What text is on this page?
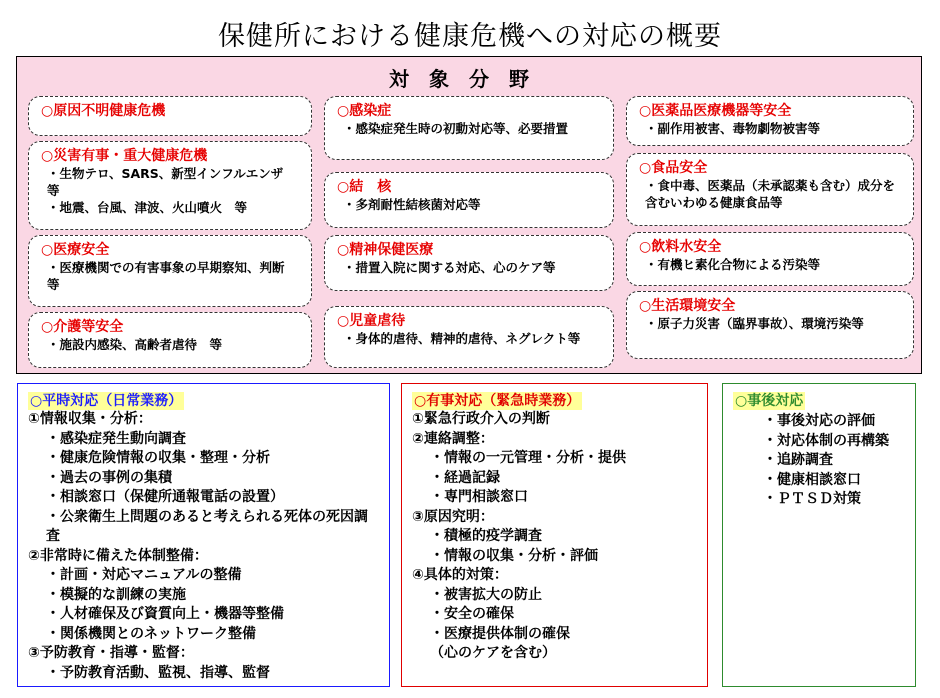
保健所における健康危機への対応の概要
対象分野
○平時対応（日常業務）
①情報収集・分析：
・感染症発生動向調査
・健康危険情報の収集・整理・分析
・過去の事例の集積
・相談窓口（保健所通報電話の設置）
・公衆衛生上問題のあると考えられる死体の死因調査
②非常時に備えた体制整備：
・計画・対応マニュアルの整備
・模擬的な訓練の実施
・人材確保及び資質向上・機器等整備
・関係機関とのネットワーク整備
③予防教育・指導・監督：
・予防教育活動、監視、指導、監督
○有事対応（緊急時業務）
①緊急行政介入の判断
②連絡調整：
・情報の一元管理・分析・提供
・経過記録
・専門相談窓口
③原因究明：
・積極的疫学調査
・情報の収集・分析・評価
④具体的対策：
・被害拡大の防止
・安全の確保
・医療提供体制の確保
（心のケアを含む）
○事後対応
・事後対応の評価
・対応体制の再構築
・追跡調査
・健康相談窓口
・ＰＴＳＤ対策
○原因不明健康危機
○災害有事・重大健康危機
・生物テロ、SARS、新型インフルエンザ　等
・地震、台風、津波、火山噴火　等
○医療安全
・医療機関での有害事象の早期察知、判断　等
○介護等安全
・施設内感染、高齢者虐待　等
○感染症
・感染症発生時の初動対応等、必要措置
○結　核
・多剤耐性結核菌対応等
○精神保健医療
・措置入院に関する対応、心のケア等
○児童虐待
・身体的虐待、精神的虐待、ネグレクト等
○医薬品医療機器等安全
・副作用被害、毒物劇物被害等
○食品安全
・食中毒、医薬品（未承認薬も含む）成分を含むいわゆる健康食品等
○飲料水安全
・有機ヒ素化合物による汚染等
○生活環境安全
・原子力災害（臨界事故）、環境汚染等
